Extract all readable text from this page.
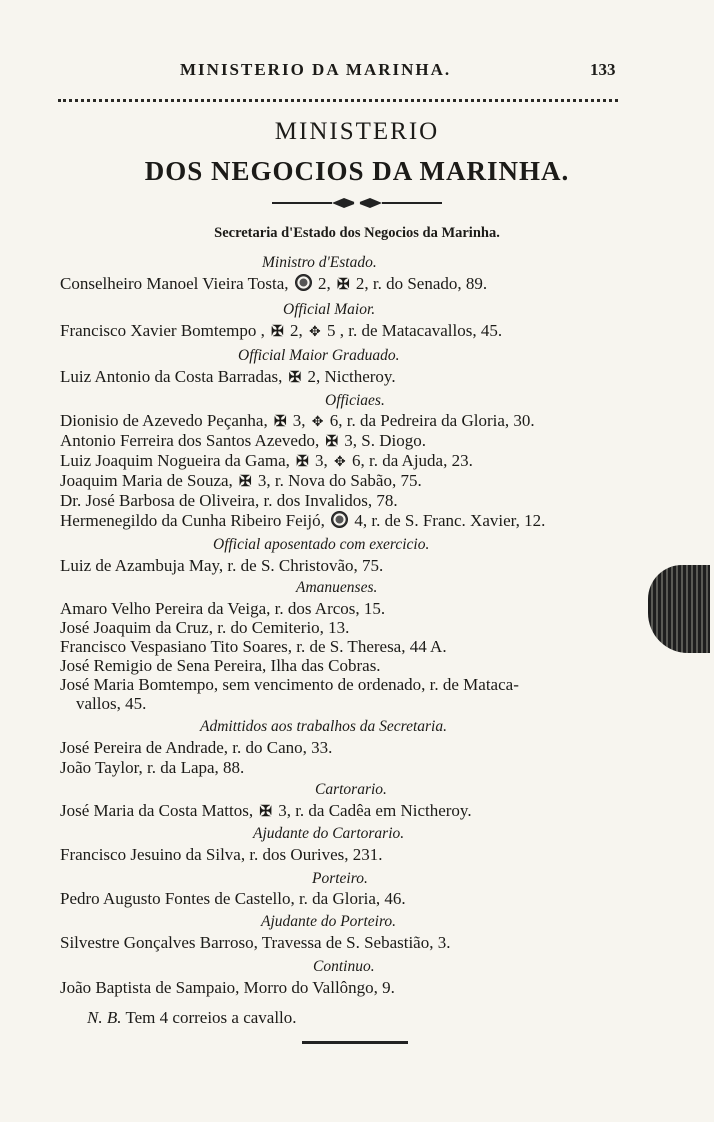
MINISTERIO DA MARINHA.	133
MINISTERIO
DOS NEGOCIOS DA MARINHA.
Secretaria d'Estado dos Negocios da Marinha.
Ministro d'Estado.
Conselheiro Manoel Vieira Tosta, 2, ✠ 2, r. do Senado, 89.
Official Maior.
Francisco Xavier Bomtempo , ✠ 2, ✥ 5 , r. de Matacavallos, 45.
Official Maior Graduado.
Luiz Antonio da Costa Barradas, ✠ 2, Nictheroy.
Officiaes.
Dionisio de Azevedo Peçanha, ✠ 3, ✥ 6, r. da Pedreira da Gloria, 30.
Antonio Ferreira dos Santos Azevedo, ✠ 3, S. Diogo.
Luiz Joaquim Nogueira da Gama, ✠ 3, ✥ 6, r. da Ajuda, 23.
Joaquim Maria de Souza, ✠ 3, r. Nova do Sabão, 75.
Dr. José Barbosa de Oliveira, r. dos Invalidos, 78.
Hermenegildo da Cunha Ribeiro Feijó, 4, r. de S. Franc. Xavier, 12.
Official aposentado com exercicio.
Luiz de Azambuja May, r. de S. Christovão, 75.
Amanuenses.
Amaro Velho Pereira da Veiga, r. dos Arcos, 15.
José Joaquim da Cruz, r. do Cemiterio, 13.
Francisco Vespasiano Tito Soares, r. de S. Theresa, 44 A.
José Remigio de Sena Pereira, Ilha das Cobras.
José Maria Bomtempo, sem vencimento de ordenado, r. de Mataca-
vallos, 45.
Admittidos aos trabalhos da Secretaria.
José Pereira de Andrade, r. do Cano, 33.
João Taylor, r. da Lapa, 88.
Cartorario.
José Maria da Costa Mattos, ✠ 3, r. da Cadêa em Nictheroy.
Ajudante do Cartorario.
Francisco Jesuino da Silva, r. dos Ourives, 231.
Porteiro.
Pedro Augusto Fontes de Castello, r. da Gloria, 46.
Ajudante do Porteiro.
Silvestre Gonçalves Barroso, Travessa de S. Sebastião, 3.
Continuo.
João Baptista de Sampaio, Morro do Vallôngo, 9.
N. B. Tem 4 correios a cavallo.
